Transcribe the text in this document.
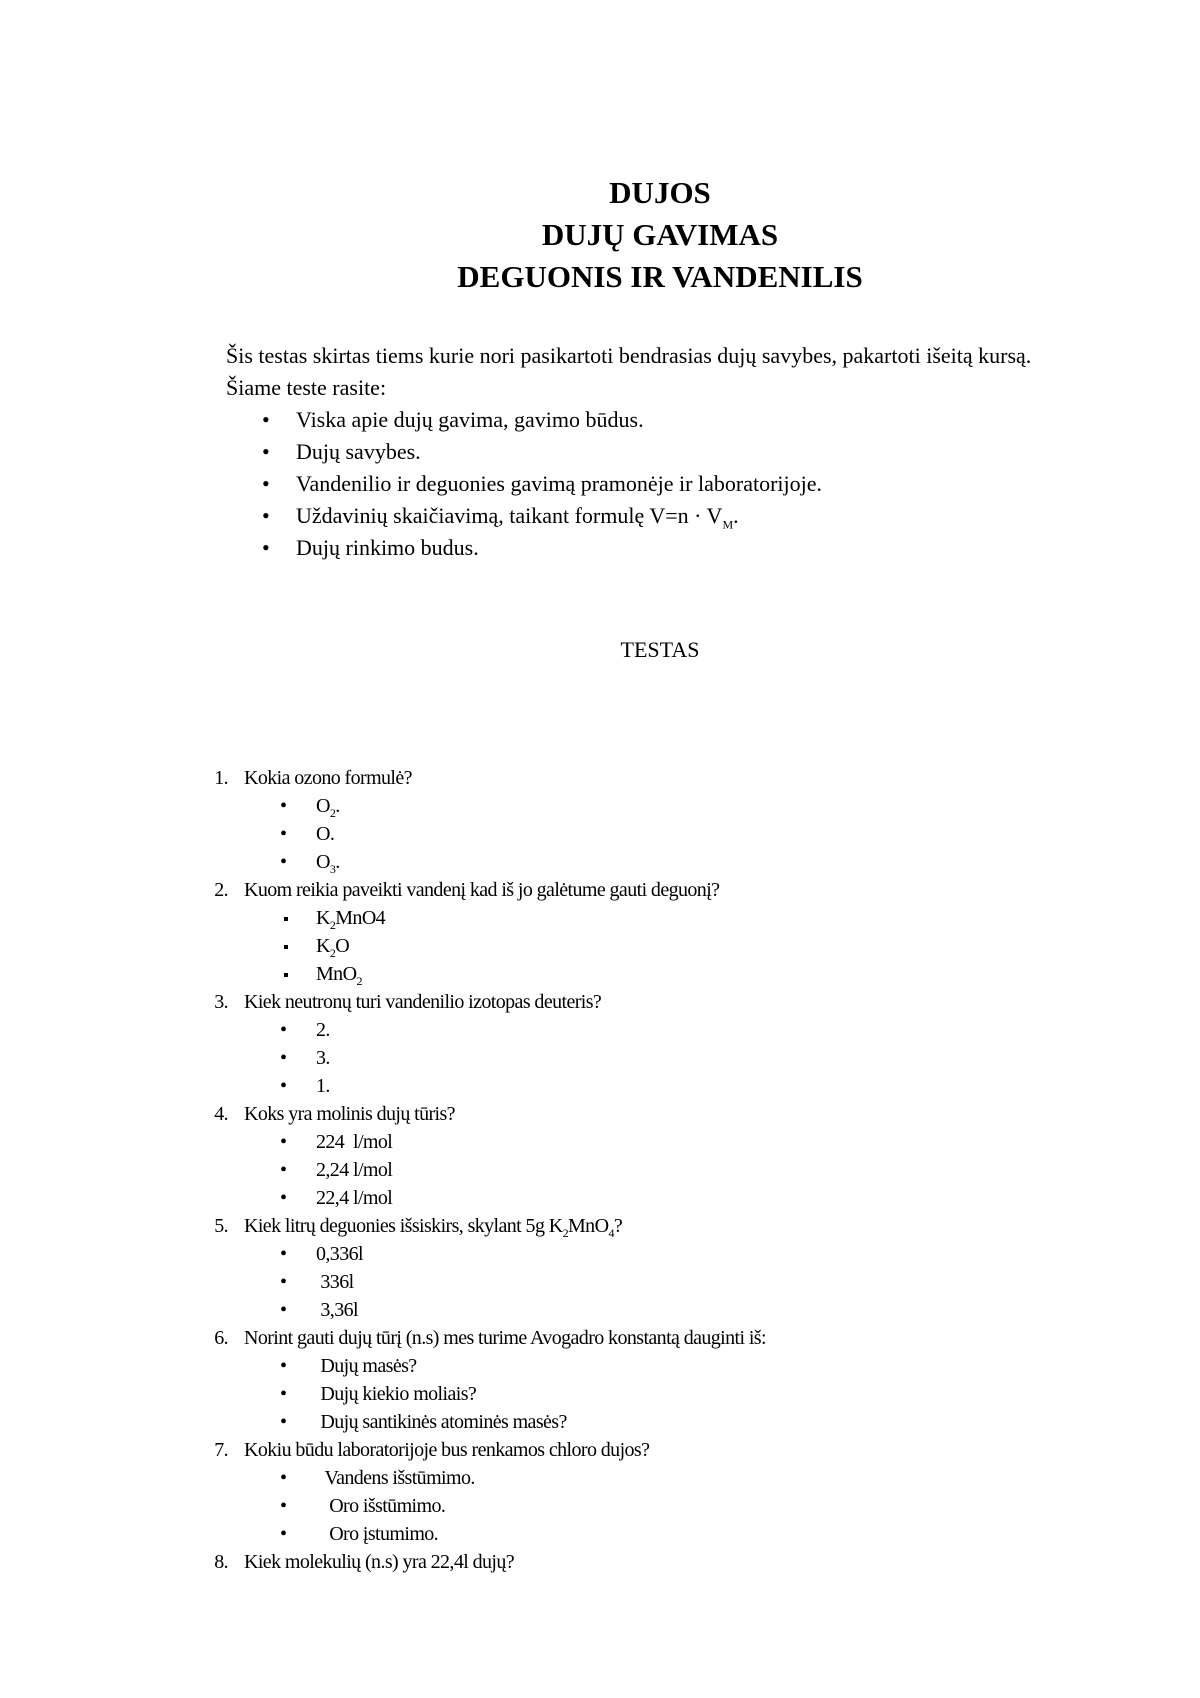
DUJOS
DUJŲ GAVIMAS
DEGUONIS IR VANDENILIS

Šis testas skirtas tiems kurie nori pasikartoti bendrasias dujų savybes, pakartoti išeitą kursą.

Šiame teste rasite:
• Viska apie dujų gavima, gavimo būdus.
• Dujų savybes.
• Vandenilio ir deguonies gavimą pramonėje ir laboratorijoje.
• Uždavinių skaičiavimą, taikant formulę $V=n \cdot V_M$.
• Dujų rinkimo budus.
TESTAS
1. Kokia ozono formulė?
• $O_2$.
• O.
• $O_3$.
2. Kuom reikia paveikti vandenį kad iš jo galėtume gauti deguonį?
$K_2MnO4$
$K_2O$
MnO$_2$
3. Kiek neutronų turi vandenilio izotopas deuteris?
• 2.
• 3.
• 1.
4. Koks yra molinis dujų tūris?
• 224  l/mol
• 2,24 l/mol
• 22,4 l/mol
5. Kiek litrų deguonies išsiskirs, skylant 5g $K_2MnO_4$?
• 0,336l
• 336l
• 3,36l
6. Norint gauti dujų tūrį (n.s) mes turime Avogadro konstantą dauginti iš:
• Dujų masės?
• Dujų kiekio moliais?
• Dujų santikinės atominės masės?
7. Kokiu būdu laboratorijoje bus renkamos chloro dujos?
• Vandens išstūmimo.
• Oro išstūmimo.
• Oro įstumimo.
8. Kiek molekulių (n.s) yra 22,4l dujų?
